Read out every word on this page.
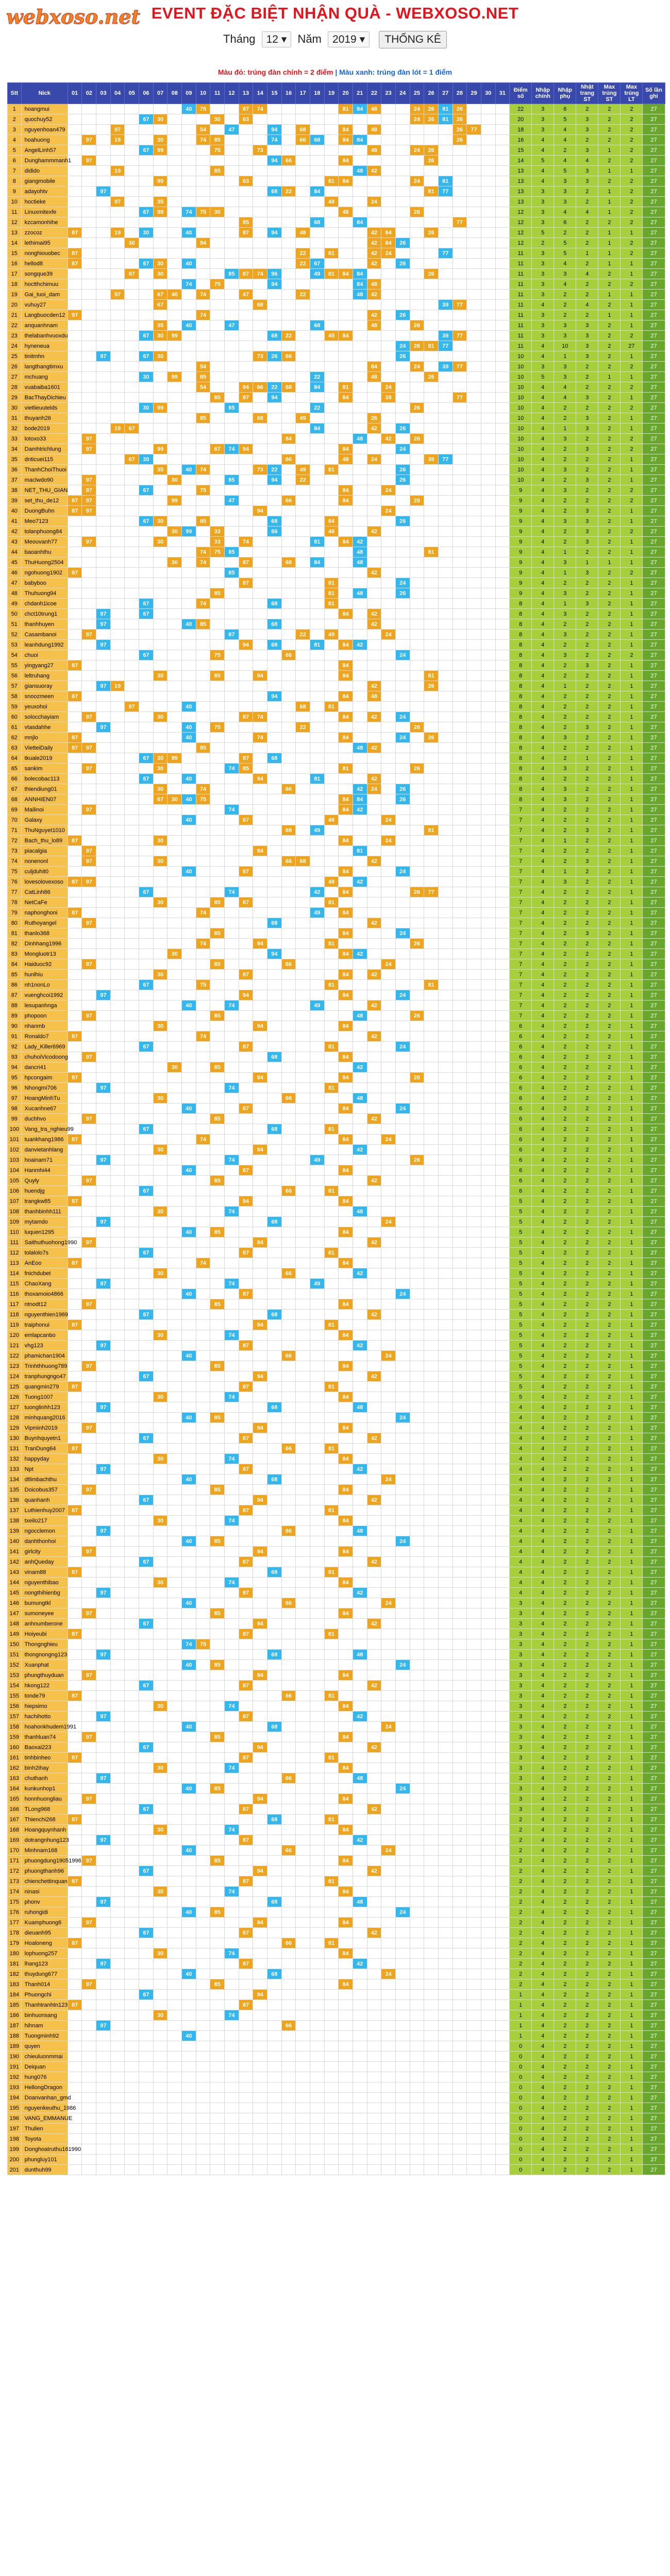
webxoso.net EVENT ĐẶC BIỆT NHẬN QUÀ - WEBXOSO.NET
Tháng 12 ▾ Năm 2019 ▾ THỐNG KÊ
Màu đỏ: trúng đàn chính = 2 điểm | Màu xanh: trúng đàn lót = 1 điểm
Stt	Nick	01	02	03	04	05	06	07	08	09	10	11	12	13	14	15	16	17	18	19	20	21	22	23	24	25	26	27	28	29	30	31	Điểm số	Nhập chính	Nhập phụ	Nhật trang ST	Max trúng ST	Max trúng LT	Số lần ghi
1	hoangmui									40	75			87	74						81	84	48			24	26	81	26				22	3	6	2	2	2	27
2	quochuy52						67	30				30		63												24	26	81	26				20	3	5	3	2	2	27
3	nguyenhoan479				97						54		47			94		68			84		48						26	77			18	3	4	3	2	2	27
4	hoahuong		97		19			30			74	85				74		66	68		84	84							26				16	4	4	2	2	2	27
5	AngelLinh57						67	99				75			73								48			24	26						15	4	2	3	1	2	27
6	Dunghammmanh1		97													94	66				84						26						14	5	4	4	2	2	27
7	didido				19							85										48	42										13	4	5	3	1	1	27
8	giangmobile							99						63						81	84					24		81					13	4	3	3	2	2	27
9	adayohtv			97												68	22		84								81	77					13	3	3	2	1	2	27
10	hoctieke				97			35												48			24										13	3	3	2	1	2	27
11	Linuxmitexfe						67	99		74	75	30									48					26							12	3	4	4	1	2	27
12	kzcamonhihe													85					68			84							77				12	3	6	2	2	2	27
13	zzocoz	87			19		30			40				87		94		48					42	84			26						12	5	2	2	1	1	27
14	lethimai95					30					94												42	84	26								12	2	5	2	1	2	27
15	nonghiouobec	87																22		81			42	24				77					11	3	5	1	1	2	27
16	hellod8	87					67	30		40								22	67				42		26								11	3	4	2	1	1	27
17	songque39					97		30					85	87	74	96			49	81	84	84					26						11	3	3	4	2	1	27
18	hoctthchimuu									74		75				94						84	48										11	3	4	2	2	2	27
19	Gai_tuoi_dam				97			67	40		74			47				22				48	42										11	3	2	2	1	1	27
20	vuhuy27							67							68													39	77				11	4	2	4	2	1	27
21	Langbuocden12	97									74												42		26								11	3	2	2	1	1	27
22	anquanhnam							35		40			47						68				48			26							11	3	3	3	2	1	27
23	thelabanhvuoxdu						67	30	99							68	22			49	84							39	77				11	3	3	3	2	2	27
24	hyneneua																								24	26	81	77					11	4	10	3	2	27	27
25	tinitmhn			97			67	30							73	26	66								26								10	4	1	3	2	1	27
26	langthangtimxu										54												84			24		39	77				10	3	3	2	2	2	27
27	mchuang						30		99		85								22				48				26						10	5	3	2	1	1	27
28	vuabaiba1601										54			94	66	22	68		84		81			24									10	4	4	2	2	2	27
29	BacThayDichieu											85		87		94					84			39					77				10	4	4	3	2	1	27
30	vietlieuutelds						30	99					85						22							26							10	4	2	2	2	2	27
31	thuyanh26										85				68			49					26										10	4	2	3	2	1	27
32	bode2019				19	67													84				42		26								10	4	1	3	2	1	27
33	lotoxo33		97														84					48		42		26							10	4	3	2	2	2	27
34	Damhtrichlung		97					99				67	74	94							84				24								10	4	2	3	2	2	27
35	dnticuei115					67	30										66				48		24				39	77					10	4	2	2	2	1	27
36	ThanhChoiThuoi							35		40	74				73	22		49		81					26								10	4	3	2	2	1	27
37	maclwdo90		97						30				85			94		22							26								10	4	2	3	2	1	27
38	NET_THU_GIAN		97				67				75										84			24									9	4	3	2	2	2	27
39	set_thu_de12	87	97						99				47				66				84					26							9	4	2	2	2	2	27
40	DuongBuhn	87	97												94									24									9	4	2	3	2	1	27
41	Meo7123						67	30			85					68				84					26								9	4	3	3	2	1	27
42	tolanphuong84								30	99		33				66				48			42										9	4	2	3	2	2	27
43	Meouvanh77		97					30				33		74					81		84	42											9	4	2	3	2	1	27
44	baoanhthu										74	75	85									48					81						9	4	1	2	2	1	27
45	ThuHuong2504								30		74			87			68		84			48											9	4	3	1	1	1	27
46	ngohuong1902	87											85										42										9	4	1	3	2	2	27
47	babyboo													87						81					24								9	4	2	2	2	1	27
48	Thuhuong94											85								81		48			26								9	4	3	2	2	1	27
49	chdanh1icoe						67				74					68				81													8	4	1	3	2	1	27
50	chct10trung1			97			67														84		42										8	4	3	2	2	1	27
51	thanhhuyen			97						40	85					68							42										8	4	2	2	2	1	27
52	Casambanoi		97										87					22		49				24									8	4	3	2	2	1	27
53	leanhdung1992			97										94		68			81		84	42											8	4	2	2	2	1	27
54	chuoi						67					75					66								24								8	4	3	2	2	2	27
55	yingyang27	87																			84												8	4	2	3	2	1	27
56	leltruhang							30				85			94						84						81						8	4	2	2	2	1	27
57	giansuoray			97	19																		42				26						8	4	1	2	2	1	27
58	snoozmeen	87														94					84		48										8	4	2	2	2	1	27
59	yeuxohoi					97				40								68		81													8	4	2	2	2	1	27
60	solocchayiam		97					30						87	74						84		42		24								8	4	2	2	2	1	27
61	vtasdahhe			97						40		75						22								26							8	4	2	3	2	1	27
62	mnjlo	87								40					74						84				24		26						8	4	3	2	2	1	27
63	VietteiDaily	87	97								85											48	42										8	4	2	2	2	1	27
64	tkuale2019						67	30	99					87		68																	8	4	2	1	2	1	27
65	sankim		97					30					74	85							81					26							8	4	3	2	2	1	27
66	bolecobac113						67			40					94				81				42										8	4	2	2	2	1	27
67	thiendiung01							30			74						66					42	24		26								8	4	3	2	2	1	27
68	ANNHIEN07							67	30	40	75										84	84			26								8	4	3	2	2	1	27
69	Mailinoi		97										74								84	42											7	4	2	2	2	1	27
70	Galaxy									40				87						48				24									7	4	2	2	2	1	27
71	ThuNguyet1010																68		49								81						7	4	2	3	2	1	27
72	Bach_thu_lo89	87						30													84			24									7	4	1	2	2	1	27
73	piacalgia		97												94							81											7	4	2	2	2	1	27
74	nonenonl		97					30									66	68					42										7	4	2	3	2	1	27
75	culjduhit0									40				87							84				24								7	4	1	2	2	1	27
76	lovesolovexoso	87	97																	48		42											7	4	3	2	2	1	27
77	CatLinh86						67						74						42		84					26	77						7	4	2	2	2	1	27
78	NetCaFe							30				85		87						81													7	4	2	2	2	1	27
79	naphonghoni	87									74								49		84												7	4	2	2	2	1	27
80	Ruthoyangel		97													68							42										7	4	2	2	2	1	27
81	thanlo368											85									84				24								7	4	2	3	2	1	27
82	Dinhhang1996										74				94					81						26							7	4	2	2	2	1	27
83	Mongluotr13								30							94					84	42											7	4	2	2	2	1	27
84	Haiduoc92		97									85					66							24									7	4	2	2	2	1	27
85	hunlhiu							30						87							84		42										7	4	2	2	2	1	27
86	nh1nonLo						67				75									81							81						7	4	2	2	2	1	27
87	vuenghcoi1992			97										94							84				24								7	4	2	2	2	1	27
88	lesupanhnga									40			74						49				42										7	4	2	2	2	1	27
89	phopoon		97									85										48				26							7	4	2	2	2	1	27
90	nhanmb							30							94						84												6	4	2	2	2	1	27
91	Ronaldo7	87									74												42										6	4	2	2	2	1	27
92	Lady_Killer6969						67							87						81					24								6	4	2	2	2	1	27
93	chuhoiVicodoong		97													68					84												6	4	2	2	2	1	27
94	dancri41								30			85										42											6	4	2	2	2	1	27
95	hpcongaim	87													94						84					26							6	4	2	2	2	1	27
96	Nhongmi706			97									74							81													6	4	2	2	2	1	27
97	HoangMinhTu							30									66					48											6	4	2	2	2	1	27
98	Xucanhne67									40				87							84				24								6	4	2	2	2	1	27
99	duchhvo		97									85											42										6	4	2	2	2	1	27
100	Vang_tra_nghieu99						67									68				81													6	4	2	2	2	1	27
101	tuankhang1986	87									74										84			24									6	4	2	2	2	1	27
102	danvietanhlang							30							94							42											6	4	2	2	2	1	27
103	hoainam71			97									74						49							26							6	4	2	2	2	1	27
104	Hanmhi44									40				87							84												6	4	2	2	2	1	27
105	Quyly		97									85											42										6	4	2	2	2	1	27
106	huendjg						67										66			81													6	4	2	2	2	1	27
107	trangkw85	87												94							84												5	4	2	2	2	1	27
108	thanhbinhh111							30					74									48											5	4	2	2	2	1	27
109	mytamdo			97												68								24									5	4	2	2	2	1	27
110	luquen1295									40		85									84												5	4	2	2	2	1	27
111	Saithuthuohong1990		97												94								42										5	4	2	2	2	1	27
112	tolalolo7s						67							87						81													5	4	2	2	2	1	27
113	AnEoo	87									74										84												5	4	2	2	2	1	27
114	fnichdubet							30									66					42											5	4	2	2	2	1	27
115	ChaoXang			97									74						49														5	4	2	2	2	1	27
116	thoxamoio4866									40				87											24								5	4	2	2	2	1	27
117	ntnodt12		97									85									84												5	4	2	2	2	1	27
118	nguyenthien1969						67									68							42										5	4	2	2	2	1	27
119	traiphonui	87													94					81													5	4	2	2	2	1	27
120	emlapcanbo							30					74								84												5	4	2	2	2	1	27
121	vhg123			97										87								42											5	4	2	2	2	1	27
122	phamichan1904									40							66							24									5	4	2	2	2	1	27
123	Trinhthhuong789		97									85									84												5	4	2	2	2	1	27
124	tranphungngo47						67								94								42										5	4	2	2	2	1	27
125	quangmin279	87												87						81													5	4	2	2	2	1	27
126	Tuong1007							30					74								84												5	4	2	2	2	1	27
127	tuonglinhh123			97												68						48											4	4	2	2	2	1	27
128	minhquang2016									40		85													24								4	4	2	2	2	1	27
129	Vipminh2019		97												94						84												4	4	2	2	2	1	27
130	Buynhquyetn1						67							87									42										4	4	2	2	2	1	27
131	TranDung64	87															66			81													4	4	2	2	2	1	27
132	happyday							30					74								84												4	4	2	2	2	1	27
133	Npt			97										87								42											4	4	2	2	2	1	27
134	dtlimbachthu									40						68								24									4	4	2	2	2	1	27
135	Doicobus357		97									85									84												4	4	2	2	2	1	27
136	quanhanh						67								94								42										4	4	2	2	2	1	27
137	Luthienhuy2007	87												87						81													4	4	2	2	2	1	27
138	txeilo217							30					74								84												4	4	2	2	2	1	27
139	ngocclemon			97													66					48											4	4	2	2	2	1	27
140	danhthonhoi									40		85													24								4	4	2	2	2	1	27
141	girlcity		97												94						84												4	4	2	2	2	1	27
142	anhQueday						67							87									42										4	4	2	2	2	1	27
143	vinam88	87														68				81													4	4	2	2	2	1	27
144	nguyenthibao							30					74								84												4	4	2	2	2	1	27
145	nongthihienbg			97										87								42											4	4	2	2	2	1	27
146	bumungtkl									40							66							24									3	4	2	2	2	1	27
147	sumoneyee		97									85									84												3	4	2	2	2	1	27
148	anhnumberone						67								94								42										3	4	2	2	2	1	27
149	Hoiyeubi	87												87						81													3	4	2	2	2	1	27
150	Thongnghieu									74	75																						3	4	2	2	2	1	27
151	thongnongng123			97												68						48											3	4	2	2	2	1	27
152	Xuanphat									40		85													24								3	4	2	2	2	1	27
153	phungthuyduan		97												94						84												3	4	2	2	2	1	27
154	hkong122						67							87									42										3	4	2	2	2	1	27
155	tonde79	87															66			81													3	4	2	2	2	1	27
156	hiepsimo							30					74								84												3	4	2	2	2	1	27
157	hachihotto			97										87								42											3	4	2	2	2	1	27
158	hoahonkhudem1991									40						68								24									3	4	2	2	2	1	27
159	thanhluan74		97									85									84												3	4	2	2	2	1	27
160	Baoxai223						67								94								42										3	4	2	2	2	1	27
161	tinhbinheo	87												87						81													3	4	2	2	2	1	27
162	binh2ihay							30					74								84												3	4	2	2	2	1	27
163	chuthanh			97													66					48											3	4	2	2	2	1	27
164	kunkunhop1									40		85													24								3	4	2	2	2	1	27
165	honnhuongliau		97												94						84												3	4	2	2	2	1	27
166	TLong968						67							87									42										3	4	2	2	2	1	27
167	Thienchi268	87														68				81													2	4	2	2	2	1	27
168	Hoangquynhanh							30					74								84												2	4	2	2	2	1	27
169	dotrangnhung123			97										87								42											2	4	2	2	2	1	27
170	Minhnam168									40							66							24									2	4	2	2	2	1	27
171	phuongdung19051996		97									85									84												2	4	2	2	2	1	27
172	phuongthanh96						67								94								42										2	4	2	2	2	1	27
173	chienchettinquan	87												87						81													2	4	2	2	2	1	27
174	ninasi							30					74								84												2	4	2	2	2	1	27
175	phonv			97												68						48											2	4	2	2	2	1	27
176	ruhongidi									40		85													24								2	4	2	2	2	1	27
177	Kuamphuong6		97												94						84												2	4	2	2	2	1	27
178	dieuanh95						67							87									42										2	4	2	2	2	1	27
179	Hoaloneng	87															66			81													2	4	2	2	2	1	27
180	lophuong257							30					74								84												2	4	2	2	2	1	27
181	lhang123			97										87								42											2	4	2	2	2	1	27
182	thuydung677									40						68								24									2	4	2	2	2	1	27
183	Thanh014		97									85									84												2	4	2	2	2	1	27
184	Phuongchi						67								94																		1	4	2	2	2	1	27
185	Thanhtranhtn123	87												87																			1	4	2	2	2	1	27
186	binhuonsang							30					74																				1	4	2	2	2	1	27
187	hihnam			97													66																1	4	2	2	2	1	27
188	Tuongminh92									40																							1	4	2	2	2	1	27
189	quyen																																0	4	2	2	2	1	27
190	chieuluonmmai																																0	4	2	2	2	1	27
191	Deiquan																																0	4	2	2	2	1	27
192	hung076																																0	4	2	2	2	1	27
193	HellongDragon																																0	4	2	2	2	1	27
194	Doanvanhan_gmd																																0	4	2	2	2	1	27
195	nguyenkeuthu_1986																																0	4	2	2	2	1	27
196	VANG_EMMANUE																																0	4	2	2	2	1	27
197	Thulien																																0	4	2	2	2	1	27
198	Toyota																																0	4	2	2	2	1	27
199	Donghoatruthu161990																																0	4	2	2	2	1	27
200	phungluy101																																0	4	2	2	2	1	27
201	dunthuh99																																0	4	2	2	2	1	27
